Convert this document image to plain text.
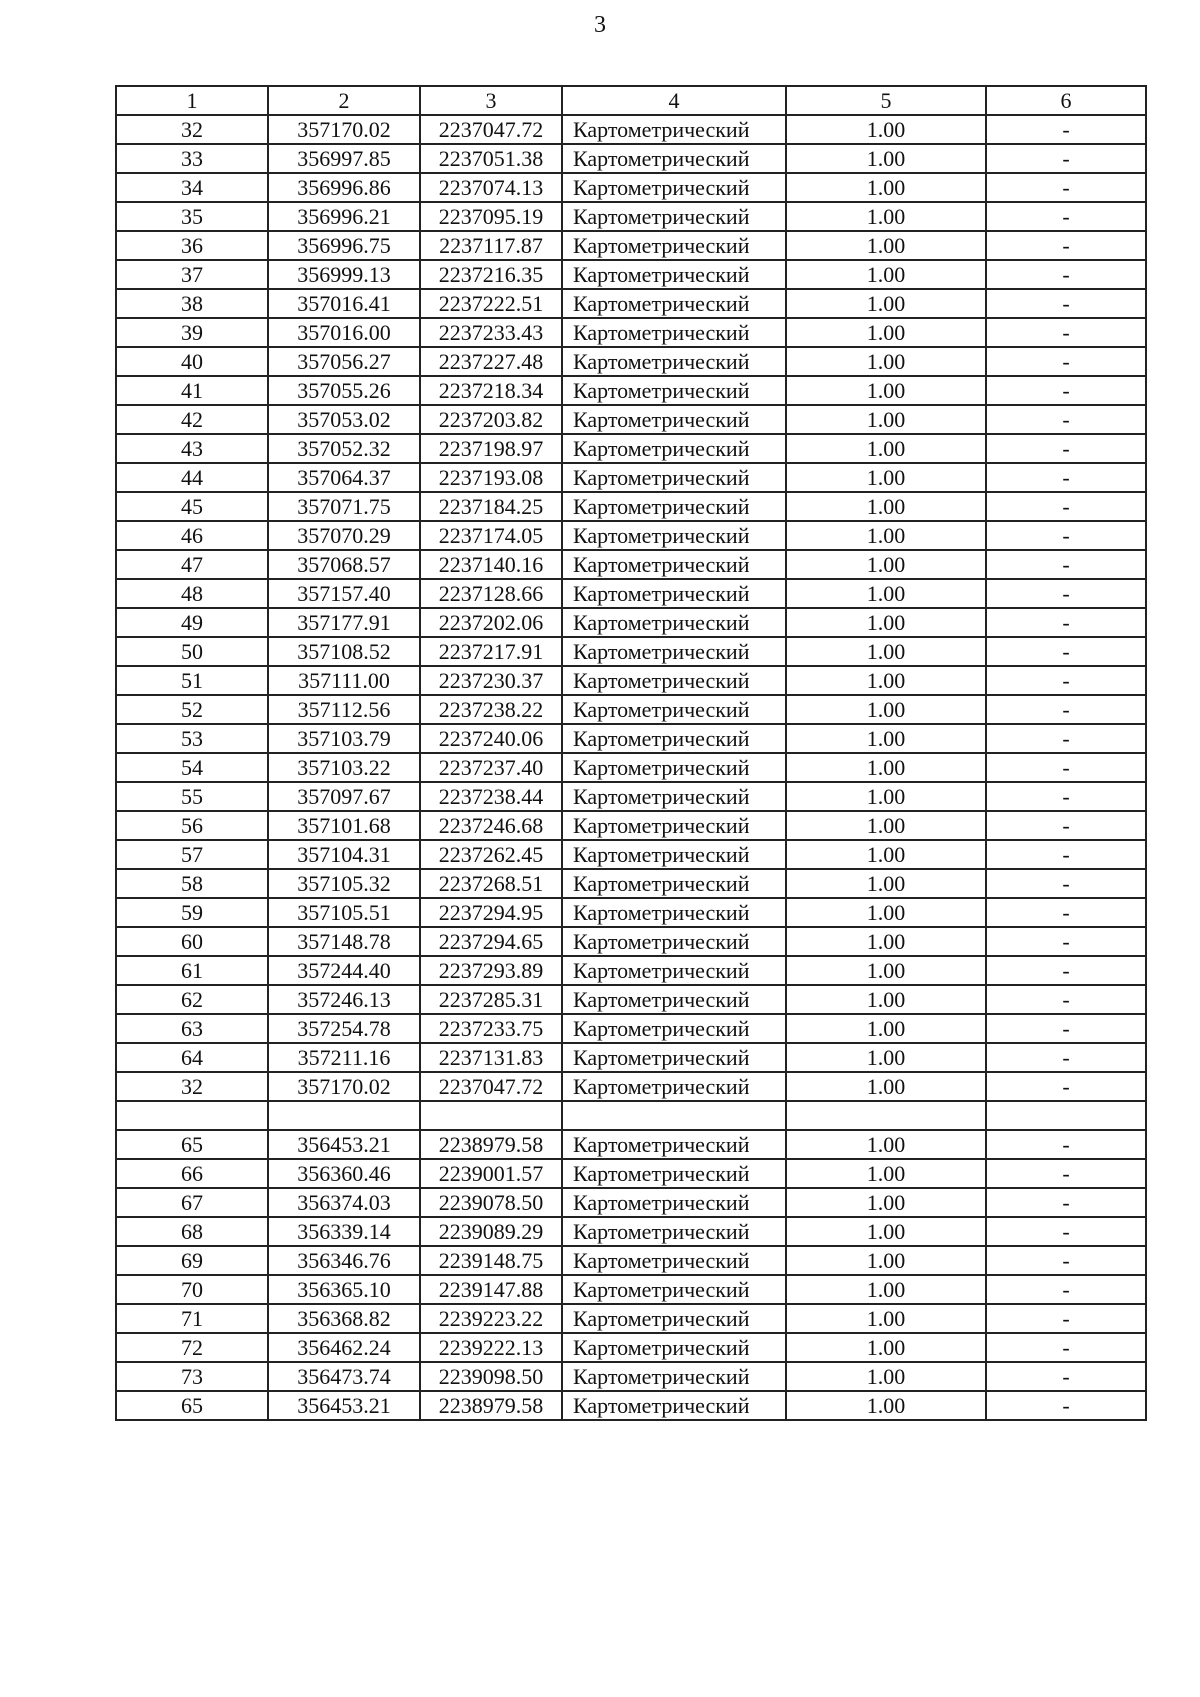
3
1	2	3	4	5	6
32	357170.02	2237047.72	Картометрический	1.00	-
33	356997.85	2237051.38	Картометрический	1.00	-
34	356996.86	2237074.13	Картометрический	1.00	-
35	356996.21	2237095.19	Картометрический	1.00	-
36	356996.75	2237117.87	Картометрический	1.00	-
37	356999.13	2237216.35	Картометрический	1.00	-
38	357016.41	2237222.51	Картометрический	1.00	-
39	357016.00	2237233.43	Картометрический	1.00	-
40	357056.27	2237227.48	Картометрический	1.00	-
41	357055.26	2237218.34	Картометрический	1.00	-
42	357053.02	2237203.82	Картометрический	1.00	-
43	357052.32	2237198.97	Картометрический	1.00	-
44	357064.37	2237193.08	Картометрический	1.00	-
45	357071.75	2237184.25	Картометрический	1.00	-
46	357070.29	2237174.05	Картометрический	1.00	-
47	357068.57	2237140.16	Картометрический	1.00	-
48	357157.40	2237128.66	Картометрический	1.00	-
49	357177.91	2237202.06	Картометрический	1.00	-
50	357108.52	2237217.91	Картометрический	1.00	-
51	357111.00	2237230.37	Картометрический	1.00	-
52	357112.56	2237238.22	Картометрический	1.00	-
53	357103.79	2237240.06	Картометрический	1.00	-
54	357103.22	2237237.40	Картометрический	1.00	-
55	357097.67	2237238.44	Картометрический	1.00	-
56	357101.68	2237246.68	Картометрический	1.00	-
57	357104.31	2237262.45	Картометрический	1.00	-
58	357105.32	2237268.51	Картометрический	1.00	-
59	357105.51	2237294.95	Картометрический	1.00	-
60	357148.78	2237294.65	Картометрический	1.00	-
61	357244.40	2237293.89	Картометрический	1.00	-
62	357246.13	2237285.31	Картометрический	1.00	-
63	357254.78	2237233.75	Картометрический	1.00	-
64	357211.16	2237131.83	Картометрический	1.00	-
32	357170.02	2237047.72	Картометрический	1.00	-

65	356453.21	2238979.58	Картометрический	1.00	-
66	356360.46	2239001.57	Картометрический	1.00	-
67	356374.03	2239078.50	Картометрический	1.00	-
68	356339.14	2239089.29	Картометрический	1.00	-
69	356346.76	2239148.75	Картометрический	1.00	-
70	356365.10	2239147.88	Картометрический	1.00	-
71	356368.82	2239223.22	Картометрический	1.00	-
72	356462.24	2239222.13	Картометрический	1.00	-
73	356473.74	2239098.50	Картометрический	1.00	-
65	356453.21	2238979.58	Картометрический	1.00	-
